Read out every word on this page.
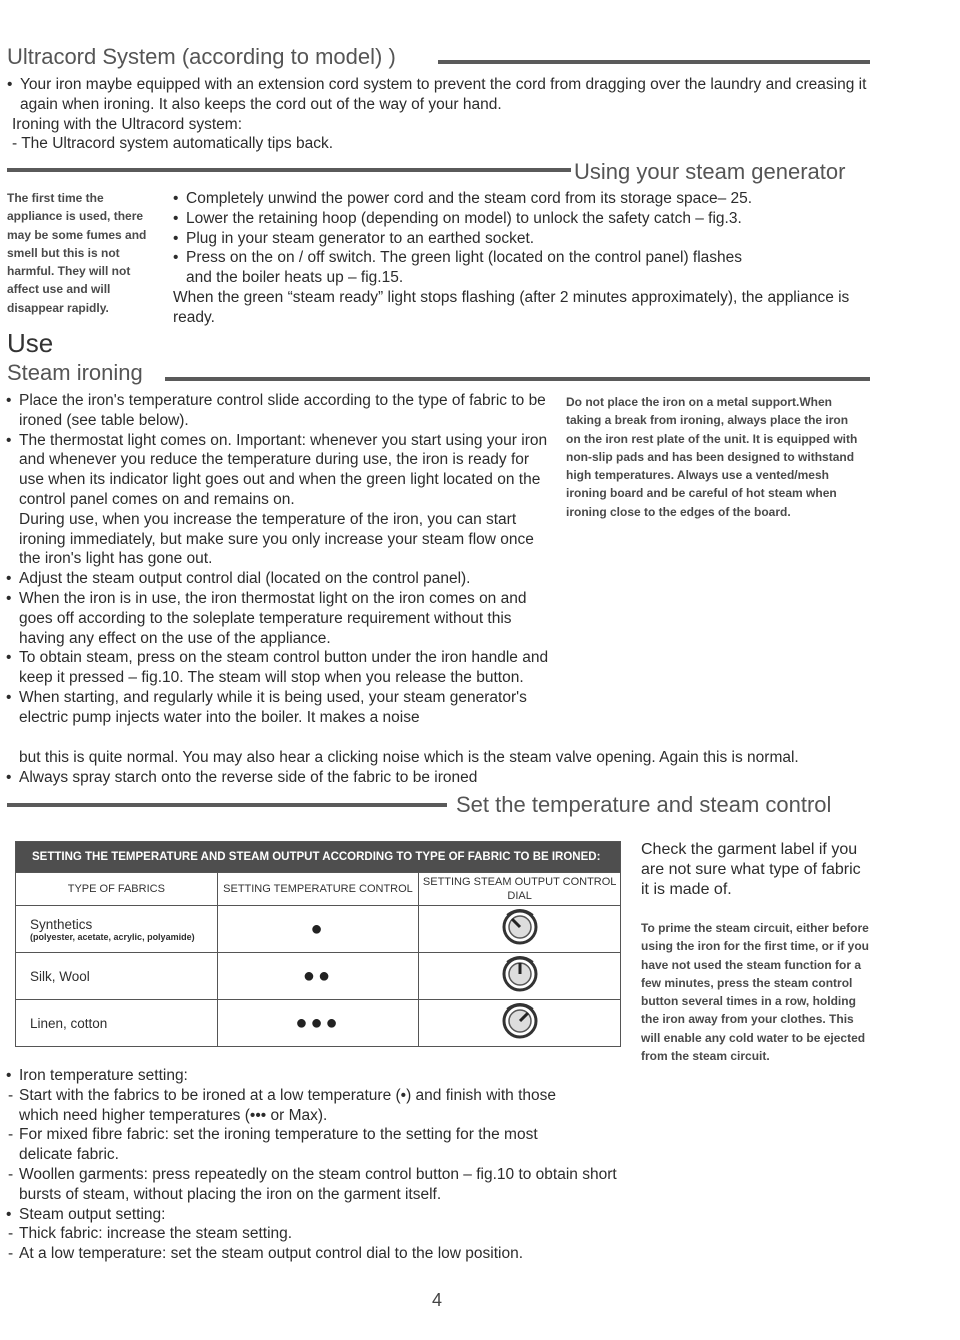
Ultracord System (according to model) )

• Your iron maybe equipped with an extension cord system to prevent the cord from dragging over the laundry and creasing it again when ironing. It also keeps the cord out of the way of your hand.

Ironing with the Ultracord system:

- The Ultracord system automatically tips back.

Using your steam generator
The first time the appliance is used, there may be some fumes and smell but this is not harmful. They will not affect use and will disappear rapidly.

• Completely unwind the power cord and the steam cord from its storage space– 25.

• Lower the retaining hoop (depending on model) to unlock the safety catch – fig.3.

• Plug in your steam generator to an earthed socket.

• Press on the on / off switch. The green light (located on the control panel) flashes and the boiler heats up – fig.15.

When the green “steam ready” light stops flashing (after 2 minutes approximately), the appliance is ready.

Use
Steam ironing

• Place the iron's temperature control slide according to the type of fabric to be ironed (see table below).

• The thermostat light comes on. Important: whenever you start using your iron and whenever you reduce the temperature during use, the iron is ready for use when its indicator light goes out and when the green light located on the control panel comes on and remains on.

During use, when you increase the temperature of the iron, you can start ironing immediately, but make sure you only increase your steam flow once the iron's light has gone out.

• Adjust the steam output control dial (located on the control panel).

• When the iron is in use, the iron thermostat light on the iron comes on and goes off according to the soleplate temperature requirement without this having any effect on the use of the appliance.

• To obtain steam, press on the steam control button under the iron handle and keep it pressed – fig.10. The steam will stop when you release the button.

• When starting, and regularly while it is being used, your steam generator's electric pump injects water into the boiler. It makes a noise

but this is quite normal. You may also hear a clicking noise which is the steam valve opening. Again this is normal.

• Always spray starch onto the reverse side of the fabric to be ironed

Do not place the iron on a metal support.When taking a break from ironing, always place the iron on the iron rest plate of the unit. It is equipped with non-slip pads and has been designed to withstand high temperatures. Always use a vented/mesh ironing board and be careful of hot steam when ironing close to the edges of the board.
Set the temperature and steam control
SETTING THE TEMPERATURE AND STEAM OUTPUT ACCORDING TO TYPE OF FABRIC TO BE IRONED:		
TYPE OF FABRICS	SETTING TEMPERATURE CONTROL	SETTING STEAM OUTPUT CONTROL DIAL
Synthetics
(polyester, acetate, acrylic, polyamide)	●	
Silk, Wool	●●	
Linen, cotton	●●●	
Check the garment label if you are not sure what type of fabric it is made of.
To prime the steam circuit, either before using the iron for the first time, or if you have not used the steam function for a few minutes, press the steam control button several times in a row, holding the iron away from your clothes. This will enable any cold water to be ejected from the steam circuit.

• Iron temperature setting:

- Start with the fabrics to be ironed at a low temperature (•) and finish with those which need higher temperatures (••• or Max).

- For mixed fibre fabric: set the ironing temperature to the setting for the most delicate fabric.

- Woollen garments: press repeatedly on the steam control button – fig.10 to obtain short bursts of steam, without placing the iron on the garment itself.

• Steam output setting:

- Thick fabric: increase the steam setting.

- At a low temperature: set the steam output control dial to the low position.

4
